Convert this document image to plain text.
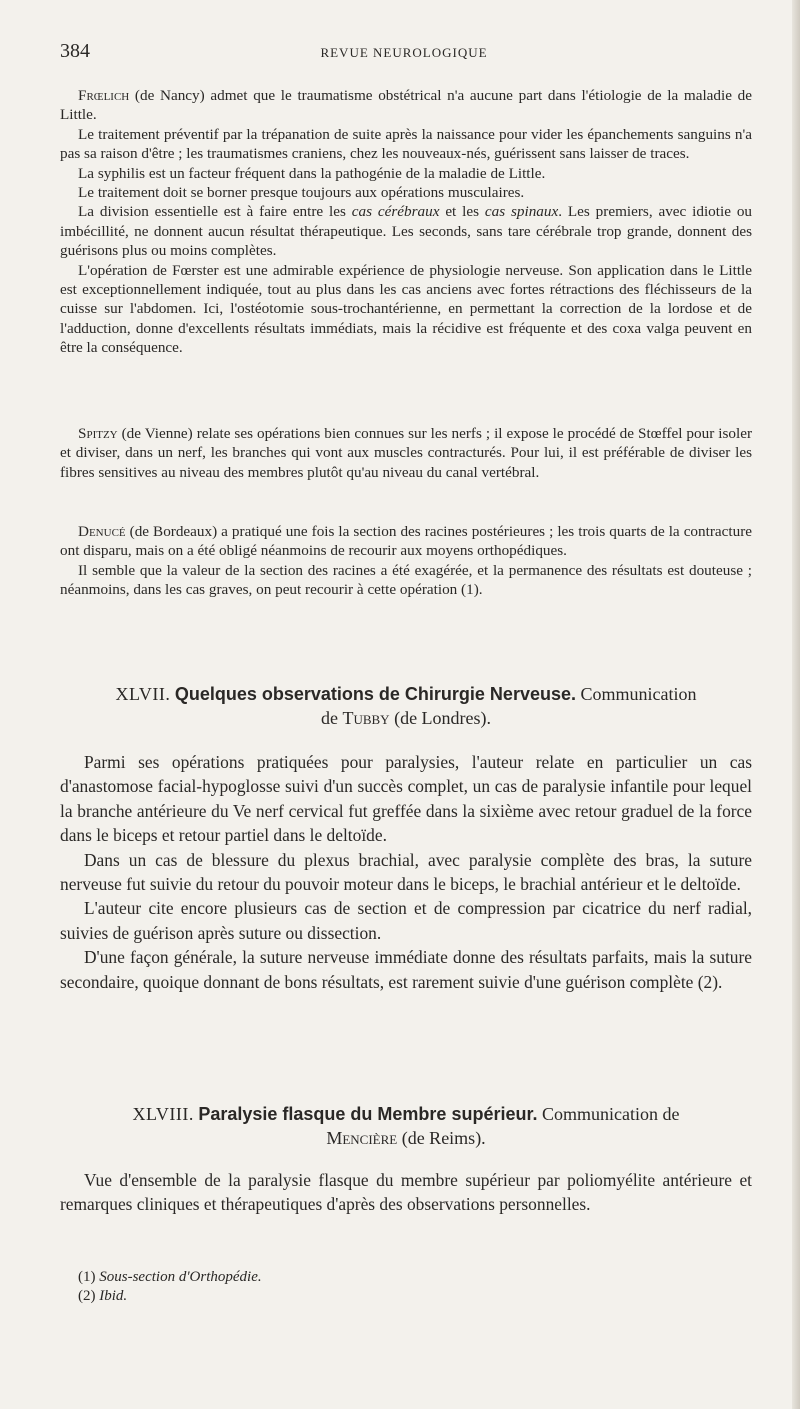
384	REVUE NEUROLOGIQUE

Frœlich (de Nancy) admet que le traumatisme obstétrical n'a aucune part dans l'étiologie de la maladie de Little.

Le traitement préventif par la trépanation de suite après la naissance pour vider les épanchements sanguins n'a pas sa raison d'être ; les traumatismes craniens, chez les nouveaux-nés, guérissent sans laisser de traces.

La syphilis est un facteur fréquent dans la pathogénie de la maladie de Little.

Le traitement doit se borner presque toujours aux opérations musculaires.

La division essentielle est à faire entre les cas cérébraux et les cas spinaux. Les premiers, avec idiotie ou imbécillité, ne donnent aucun résultat thérapeutique. Les seconds, sans tare cérébrale trop grande, donnent des guérisons plus ou moins complètes.

L'opération de Fœrster est une admirable expérience de physiologie nerveuse. Son application dans le Little est exceptionnellement indiquée, tout au plus dans les cas anciens avec fortes rétractions des fléchisseurs de la cuisse sur l'abdomen. Ici, l'ostéotomie sous-trochantérienne, en permettant la correction de la lordose et de l'adduction, donne d'excellents résultats immédiats, mais la récidive est fréquente et des coxa valga peuvent en être la conséquence.

Spitzy (de Vienne) relate ses opérations bien connues sur les nerfs ; il expose le procédé de Stœffel pour isoler et diviser, dans un nerf, les branches qui vont aux muscles contracturés. Pour lui, il est préférable de diviser les fibres sensitives au niveau des membres plutôt qu'au niveau du canal vertébral.

Denucé (de Bordeaux) a pratiqué une fois la section des racines postérieures ; les trois quarts de la contracture ont disparu, mais on a été obligé néanmoins de recourir aux moyens orthopédiques.

Il semble que la valeur de la section des racines a été exagérée, et la permanence des résultats est douteuse ; néanmoins, dans les cas graves, on peut recourir à cette opération (1).

XLVII. Quelques observations de Chirurgie Nerveuse. Communication
de Tubby (de Londres).

Parmi ses opérations pratiquées pour paralysies, l'auteur relate en particulier un cas d'anastomose facial-hypoglosse suivi d'un succès complet, un cas de paralysie infantile pour lequel la branche antérieure du Ve nerf cervical fut greffée dans la sixième avec retour graduel de la force dans le biceps et retour partiel dans le deltoïde.

Dans un cas de blessure du plexus brachial, avec paralysie complète des bras, la suture nerveuse fut suivie du retour du pouvoir moteur dans le biceps, le brachial antérieur et le deltoïde.

L'auteur cite encore plusieurs cas de section et de compression par cicatrice du nerf radial, suivies de guérison après suture ou dissection.

D'une façon générale, la suture nerveuse immédiate donne des résultats parfaits, mais la suture secondaire, quoique donnant de bons résultats, est rarement suivie d'une guérison complète (2).

XLVIII. Paralysie flasque du Membre supérieur. Communication de
Mencière (de Reims).

Vue d'ensemble de la paralysie flasque du membre supérieur par poliomyélite antérieure et remarques cliniques et thérapeutiques d'après des observations personnelles.

(1) Sous-section d'Orthopédie.
(2) Ibid.
